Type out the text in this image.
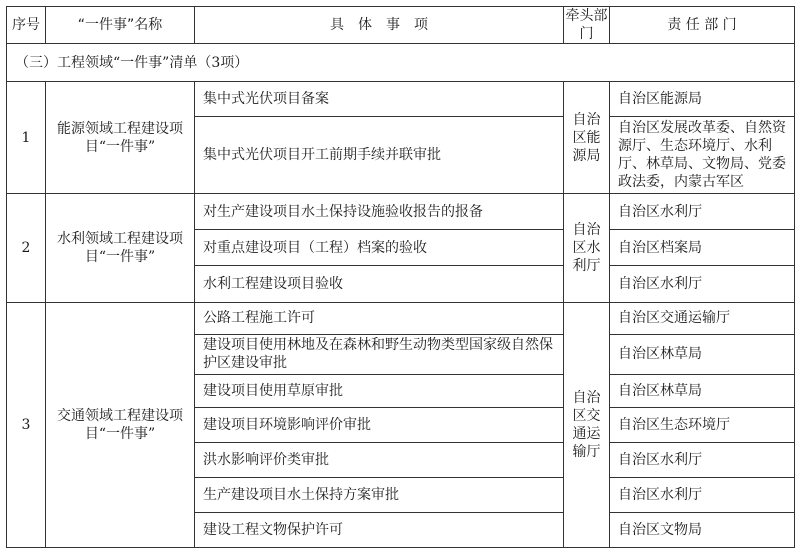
序号	“一件事”名称	具　体　事　项	牵头部门	责 任 部 门
（三）工程领域“一件事”清单（3项）				
1	能源领域工程建设项目“一件事”	集中式光伏项目备案	自治区能源局	自治区能源局
		集中式光伏项目开工前期手续并联审批		自治区发展改革委、自然资源厅、生态环境厅、水利厅、林草局、文物局、党委政法委，内蒙古军区
2	水利领域工程建设项目“一件事”	对生产建设项目水土保持设施验收报告的报备	自治区水利厅	自治区水利厅
		对重点建设项目（工程）档案的验收		自治区档案局
		水利工程建设项目验收		自治区水利厅
3	交通领域工程建设项目“一件事”	公路工程施工许可	自治区交通运输厅	自治区交通运输厅
		建设项目使用林地及在森林和野生动物类型国家级自然保护区建设审批		自治区林草局
		建设项目使用草原审批		自治区林草局
		建设项目环境影响评价审批		自治区生态环境厅
		洪水影响评价类审批		自治区水利厅
		生产建设项目水土保持方案审批		自治区水利厅
		建设工程文物保护许可		自治区文物局
